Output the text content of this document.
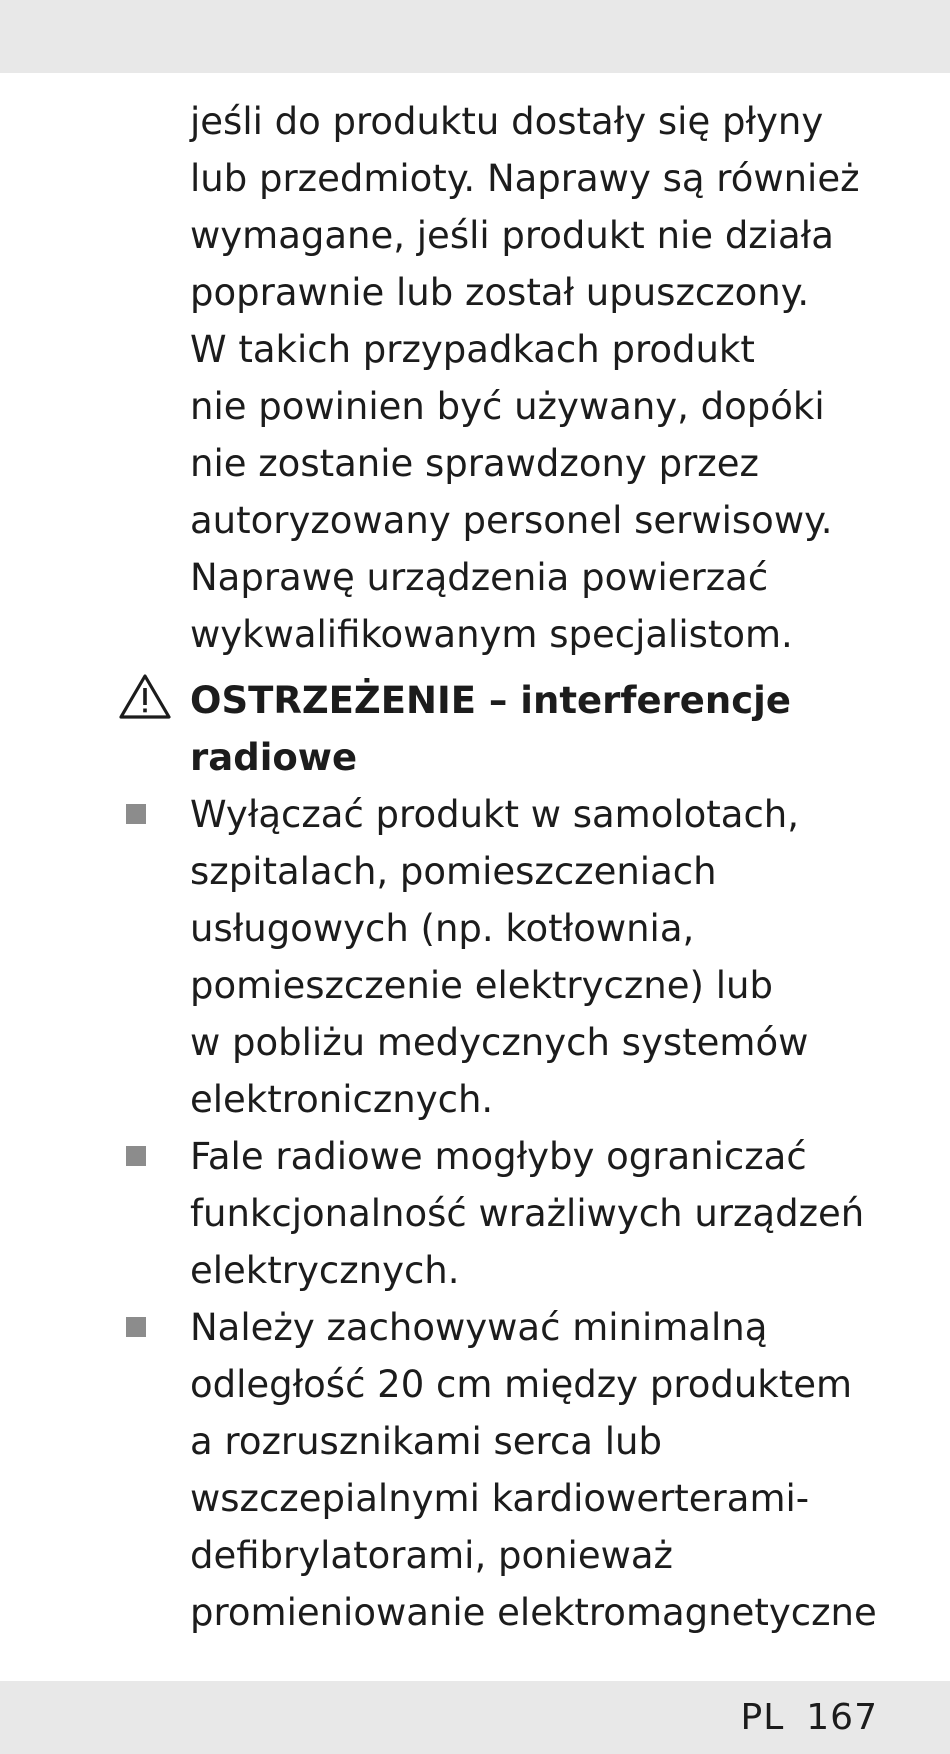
jeśli do produktu dostały się płyny
lub przedmioty. Naprawy są również
wymagane, jeśli produkt nie działa
poprawnie lub został upuszczony.
W takich przypadkach produkt
nie powinien być używany, dopóki
nie zostanie sprawdzony przez
autoryzowany personel serwisowy.
Naprawę urządzenia powierzać
wykwalifikowanym specjalistom.
OSTRZEŻENIE – interferencje
radiowe
Wyłączać produkt w samolotach,
szpitalach, pomieszczeniach
usługowych (np. kotłownia,
pomieszczenie elektryczne) lub
w pobliżu medycznych systemów
elektronicznych.
Fale radiowe mogłyby ograniczać
funkcjonalność wrażliwych urządzeń
elektrycznych.
Należy zachowywać minimalną
odległość 20 cm między produktem
a rozrusznikami serca lub
wszczepialnymi kardiowerterami-
defibrylatorami, ponieważ
promieniowanie elektromagnetyczne
PL 167
